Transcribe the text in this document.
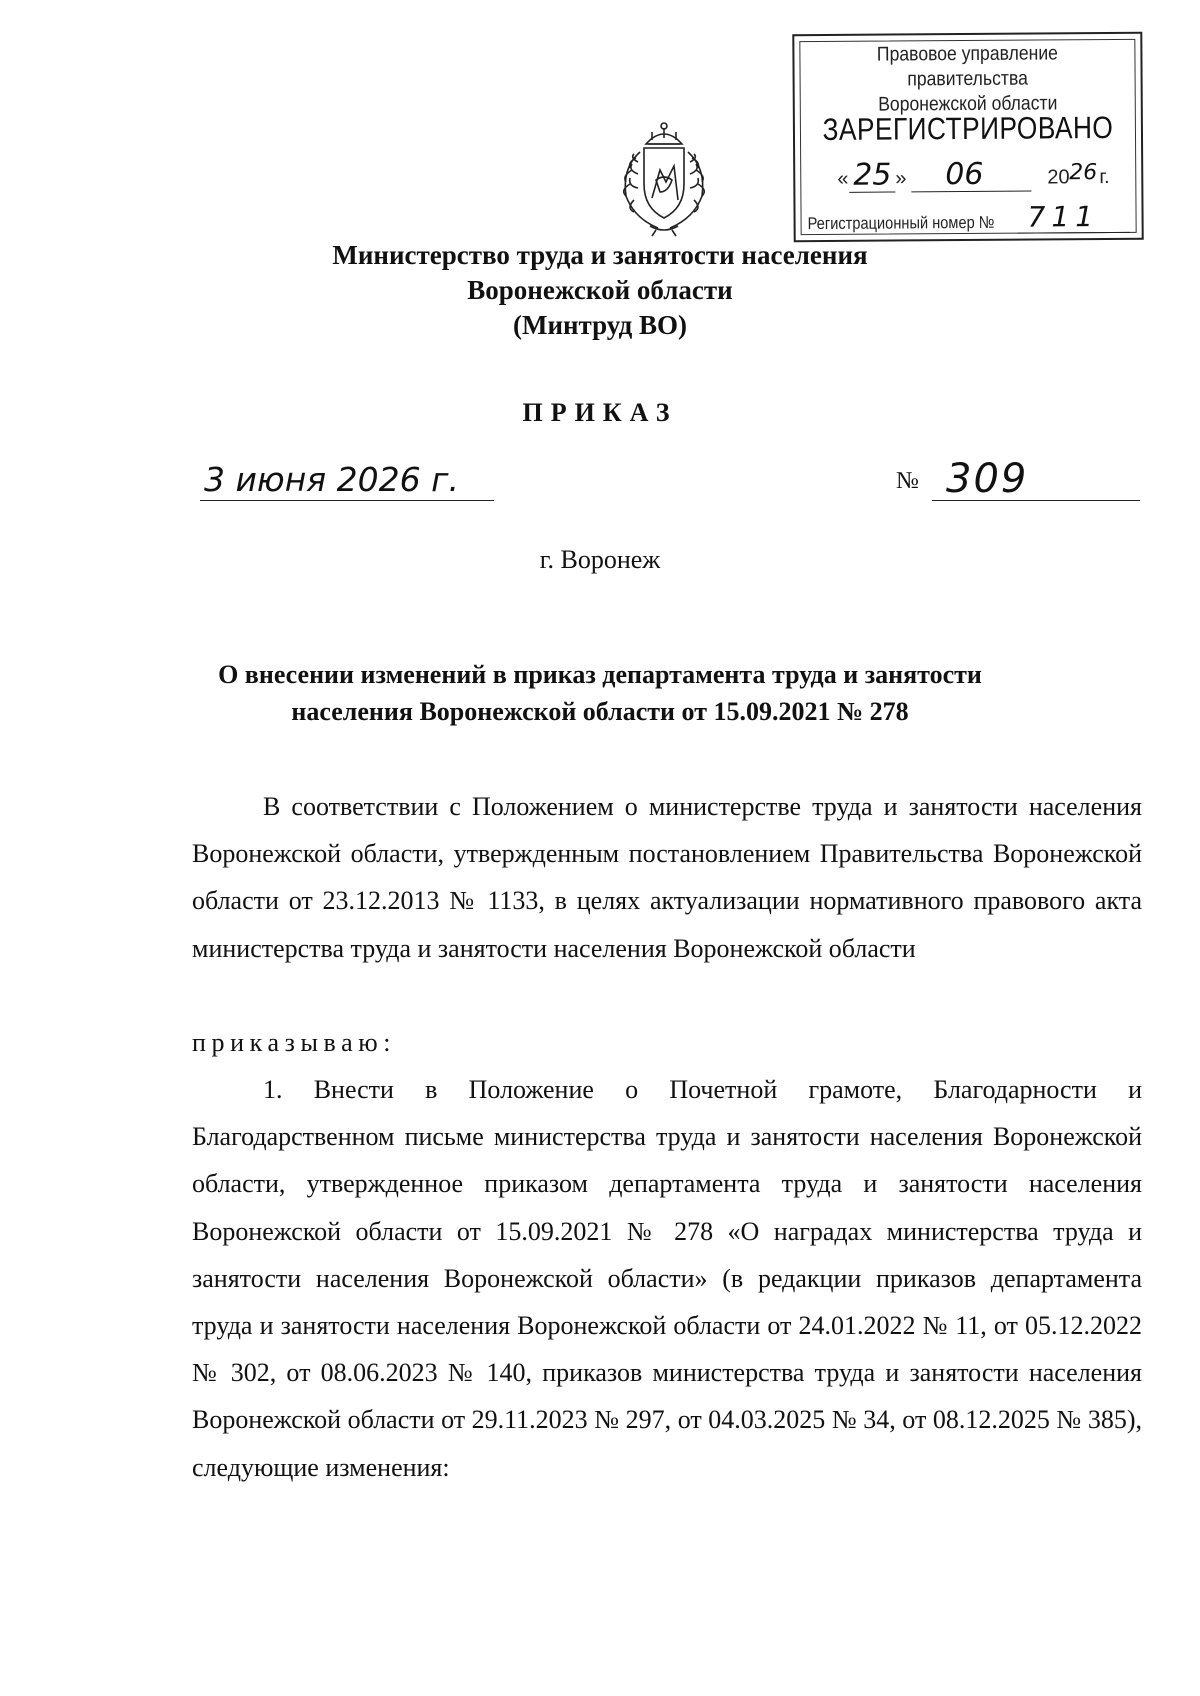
Правовое управление правительства
Воронежской области
ЗАРЕГИСТРИРОВАНО
« 25 » 06	20 26 г.
Регистрационный номер № 711
Министерство труда и занятости населения
Воронежской области
(Минтруд ВО)
ПРИКАЗ
3 июня 2026 г.	№ 309
г. Воронеж
О внесении изменений в приказ департамента труда и занятости
населения Воронежской области от 15.09.2021 № 278

В соответствии с Положением о министерстве труда и занятости населения Воронежской области, утвержденным постановлением Правительства Воронежской области от 23.12.2013 № 1133, в целях актуализации нормативного правового акта министерства труда и занятости населения Воронежской области

приказываю:

1. Внести в Положение о Почетной грамоте, Благодарности и Благодарственном письме министерства труда и занятости населения Воронежской области, утвержденное приказом департамента труда и занятости населения Воронежской области от 15.09.2021 № 278 «О наградах министерства труда и занятости населения Воронежской области» (в редакции приказов департамента труда и занятости населения Воронежской области от 24.01.2022 № 11, от 05.12.2022 № 302, от 08.06.2023 № 140, приказов министерства труда и занятости населения Воронежской области от 29.11.2023 № 297, от 04.03.2025 № 34, от 08.12.2025 № 385), следующие изменения:
